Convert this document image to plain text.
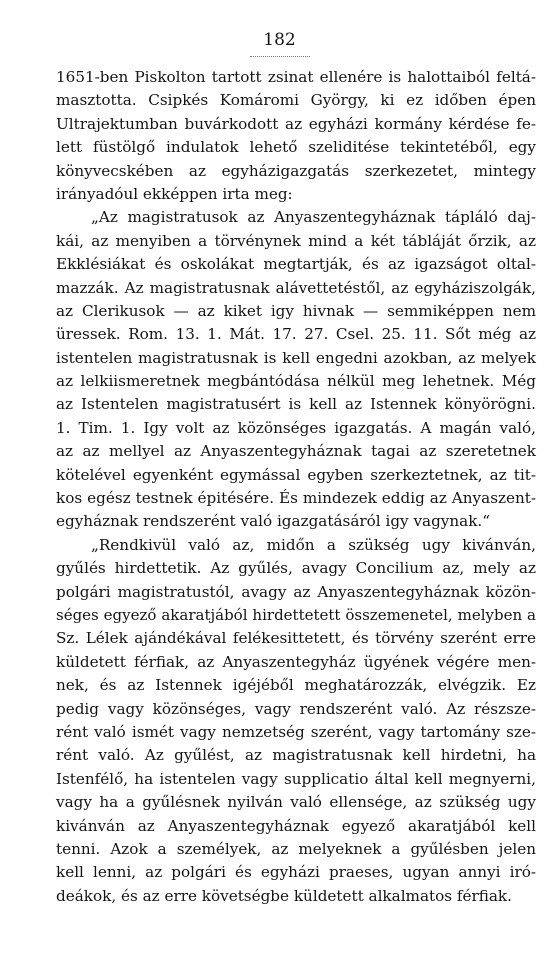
182
1651-ben Piskolton tartott zsinat ellenére is halottaiból feltá-
masztotta. Csipkés Komáromi György, ki ez időben épen
Ultrajektumban buvárkodott az egyházi kormány kérdése fe-
lett füstölgő indulatok lehető szeliditése tekintetéből, egy
könyvecskében az egyházigazgatás szerkezetet, mintegy
irányadóul ekképpen irta meg:
„Az magistratusok az Anyaszentegyháznak tápláló daj-
kái, az menyiben a törvénynek mind a két tábláját őrzik, az
Ekklésiákat és oskolákat megtartják, és az igazságot oltal-
mazzák. Az magistratusnak alávettetéstől, az egyháziszolgák,
az Clerikusok — az kiket igy hivnak — semmiképpen nem
üressek. Rom. 13. 1. Mát. 17. 27. Csel. 25. 11. Sőt még az
istentelen magistratusnak is kell engedni azokban, az melyek
az lelkiismeretnek megbántódása nélkül meg lehetnek. Még
az Istentelen magistratusért is kell az Istennek könyörögni.
1. Tim. 1. Igy volt az közönséges igazgatás. A magán való,
az az mellyel az Anyaszentegyháznak tagai az szeretetnek
kötelével egyenként egymással egyben szerkeztetnek, az tit-
kos egész testnek épitésére. És mindezek eddig az Anyaszent-
egyháznak rendszerént való igazgatásáról igy vagynak.“
„Rendkivül való az, midőn a szükség ugy kivánván,
gyűlés hirdettetik. Az gyűlés, avagy Concilium az, mely az
polgári magistratustól, avagy az Anyaszentegyháznak közön-
séges egyező akaratjából hirdettetett összemenetel, melyben a
Sz. Lélek ajándékával felékesittetett, és törvény szerént erre
küldetett férfiak, az Anyaszentegyház ügyének végére men-
nek, és az Istennek igéjéből meghatározzák, elvégzik. Ez
pedig vagy közönséges, vagy rendszerént való. Az részsze-
rént való ismét vagy nemzetség szerént, vagy tartomány sze-
rént való. Az gyűlést, az magistratusnak kell hirdetni, ha
Istenfélő, ha istentelen vagy supplicatio által kell megnyerni,
vagy ha a gyűlésnek nyilván való ellensége, az szükség ugy
kivánván az Anyaszentegyháznak egyező akaratjából kell
tenni. Azok a személyek, az melyeknek a gyűlésben jelen
kell lenni, az polgári és egyházi praeses, ugyan annyi iró-
deákok, és az erre követségbe küldetett alkalmatos férfiak.
